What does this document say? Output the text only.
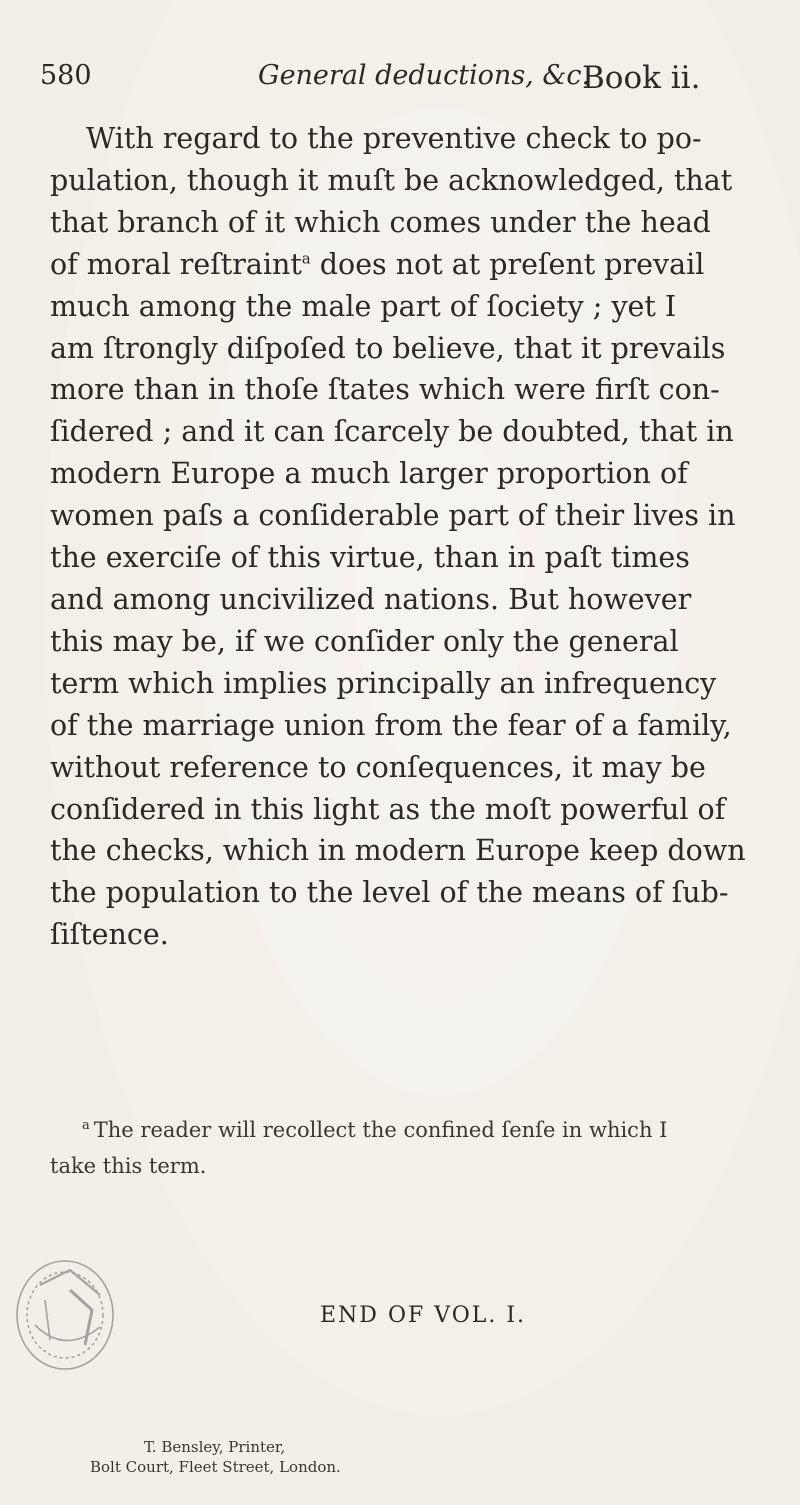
580	General deductions, &c.
Book ii.

With regard to the preventive check to po-

pulation, though it muſt be acknowledged, that

that branch of it which comes under the head

of moral reſtraint$^a$ does not at preſent prevail

much among the male part of ſociety ; yet I

am ſtrongly diſpoſed to believe, that it prevails

more than in thoſe ſtates which were firſt con-

ſidered ; and it can ſcarcely be doubted, that in

modern Europe a much larger proportion of

women paſs a conſiderable part of their lives in

the exerciſe of this virtue, than in paſt times

and among uncivilized nations. But however

this may be, if we conſider only the general

term which implies principally an infrequency

of the marriage union from the fear of a family,

without reference to conſequences, it may be

conſidered in this light as the moſt powerful of

the checks, which in modern Europe keep down

the population to the level of the means of ſub-

ſiſtence.

$^a$ The reader will recollect the confined ſenſe in which I
take this term.
END OF VOL. I.
T. Bensley, Printer,
Bolt Court, Fleet Street, London.
